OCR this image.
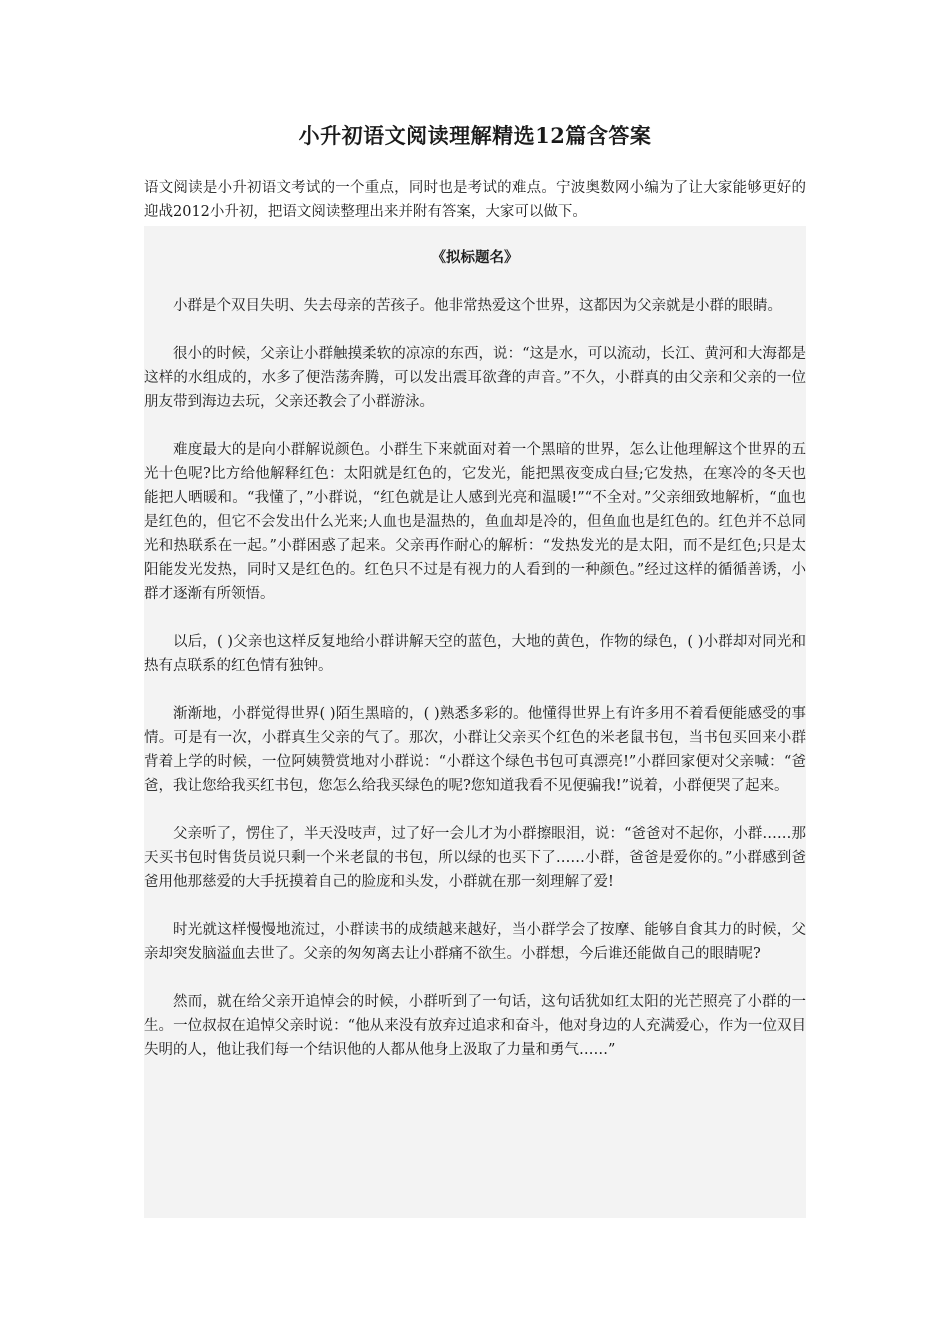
小升初语文阅读理解精选12篇含答案
语文阅读是小升初语文考试的一个重点，同时也是考试的难点。宁波奥数网小编为了让大家能够更好的迎战2012小升初，把语文阅读整理出来并附有答案，大家可以做下。
《拟标题名》

小群是个双目失明、失去母亲的苦孩子。他非常热爱这个世界，这都因为父亲就是小群的眼睛。

很小的时候，父亲让小群触摸柔软的凉凉的东西，说：“这是水，可以流动，长江、黄河和大海都是这样的水组成的，水多了便浩荡奔腾，可以发出震耳欲聋的声音。”不久，小群真的由父亲和父亲的一位朋友带到海边去玩，父亲还教会了小群游泳。

难度最大的是向小群解说颜色。小群生下来就面对着一个黑暗的世界，怎么让他理解这个世界的五光十色呢?比方给他解释红色：太阳就是红色的，它发光，能把黑夜变成白昼;它发热，在寒冷的冬天也能把人晒暖和。“我懂了，”小群说，“红色就是让人感到光亮和温暖!”“不全对。”父亲细致地解析，“血也是红色的，但它不会发出什么光来;人血也是温热的，鱼血却是冷的，但鱼血也是红色的。红色并不总同光和热联系在一起。”小群困惑了起来。父亲再作耐心的解析：“发热发光的是太阳，而不是红色;只是太阳能发光发热，同时又是红色的。红色只不过是有视力的人看到的一种颜色。”经过这样的循循善诱，小群才逐渐有所领悟。

以后，( )父亲也这样反复地给小群讲解天空的蓝色，大地的黄色，作物的绿色，( )小群却对同光和热有点联系的红色情有独钟。

渐渐地，小群觉得世界( )陌生黑暗的，( )熟悉多彩的。他懂得世界上有许多用不着看便能感受的事情。可是有一次，小群真生父亲的气了。那次，小群让父亲买个红色的米老鼠书包，当书包买回来小群背着上学的时候，一位阿姨赞赏地对小群说：“小群这个绿色书包可真漂亮!”小群回家便对父亲喊：“爸爸，我让您给我买红书包，您怎么给我买绿色的呢?您知道我看不见便骗我!”说着，小群便哭了起来。

父亲听了，愣住了，半天没吱声，过了好一会儿才为小群擦眼泪，说：“爸爸对不起你，小群……那天买书包时售货员说只剩一个米老鼠的书包，所以绿的也买下了……小群，爸爸是爱你的。”小群感到爸爸用他那慈爱的大手抚摸着自己的脸庞和头发，小群就在那一刻理解了爱!

时光就这样慢慢地流过，小群读书的成绩越来越好，当小群学会了按摩、能够自食其力的时候，父亲却突发脑溢血去世了。父亲的匆匆离去让小群痛不欲生。小群想，今后谁还能做自己的眼睛呢?

然而，就在给父亲开追悼会的时候，小群听到了一句话，这句话犹如红太阳的光芒照亮了小群的一生。一位叔叔在追悼父亲时说：“他从来没有放弃过追求和奋斗，他对身边的人充满爱心，作为一位双目失明的人，他让我们每一个结识他的人都从他身上汲取了力量和勇气……”
